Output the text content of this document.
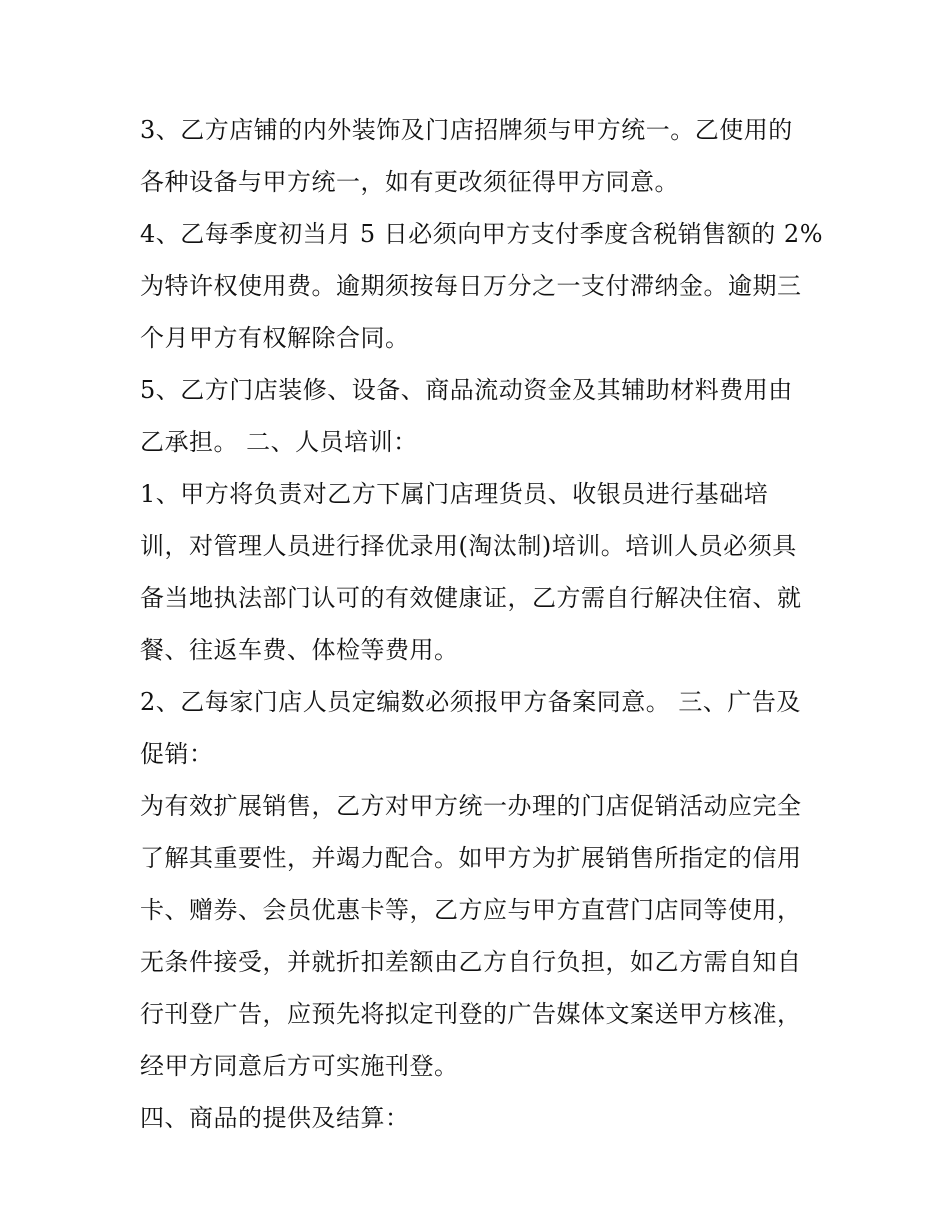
3、乙方店铺的内外装饰及门店招牌须与甲方统一。乙使用的
各种设备与甲方统一，如有更改须征得甲方同意。
4、乙每季度初当月 5 日必须向甲方支付季度含税销售额的 2%
为特许权使用费。逾期须按每日万分之一支付滞纳金。逾期三
个月甲方有权解除合同。
5、乙方门店装修、设备、商品流动资金及其辅助材料费用由
乙承担。 二、人员培训：
1、甲方将负责对乙方下属门店理货员、收银员进行基础培
训，对管理人员进行择优录用(淘汰制)培训。培训人员必须具
备当地执法部门认可的有效健康证，乙方需自行解决住宿、就
餐、往返车费、体检等费用。
2、乙每家门店人员定编数必须报甲方备案同意。 三、广告及
促销：
为有效扩展销售，乙方对甲方统一办理的门店促销活动应完全
了解其重要性，并竭力配合。如甲方为扩展销售所指定的信用
卡、赠券、会员优惠卡等，乙方应与甲方直营门店同等使用，
无条件接受，并就折扣差额由乙方自行负担，如乙方需自知自
行刊登广告，应预先将拟定刊登的广告媒体文案送甲方核准，
经甲方同意后方可实施刊登。
四、商品的提供及结算：
